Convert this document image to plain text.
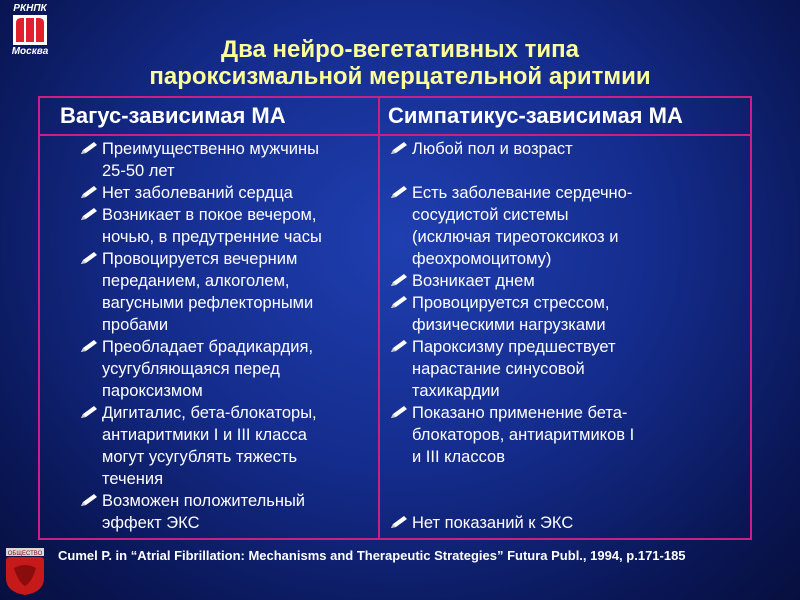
РКНПК
Москва	Два нейро-вегетативных типа
пароксизмальной мерцательной аритмии
Вагус-зависимая МА	Симпатикус-зависимая МА
Преимущественно мужчины
25-50 лет
Нет заболеваний сердца
Возникает в покое вечером,
ночью, в предутренние часы
Провоцируется вечерним
переданием, алкоголем,
вагусными рефлекторными
пробами
Преобладает брадикардия,
усугубляющаяся перед
пароксизмом
Дигиталис, бета-блокаторы,
антиаритмики I и III класса
могут усугублять тяжесть
течения
Возможен положительный
эффект ЭКС
Любой пол и возраст
Есть заболевание сердечно-
сосудистой системы
(исключая тиреотоксикоз и
феохромоцитому)
Возникает днем
Провоцируется стрессом,
физическими нагрузками
Пароксизму предшествует
нарастание синусовой
тахикардии
Показано применение бета-
блокаторов, антиаритмиков I
и III классов
Нет показаний к ЭКС
ОБЩЕСТВО Cumel P. in “Atrial Fibrillation: Mechanisms and Therapeutic Strategies” Futura Publ., 1994, p.171-185
